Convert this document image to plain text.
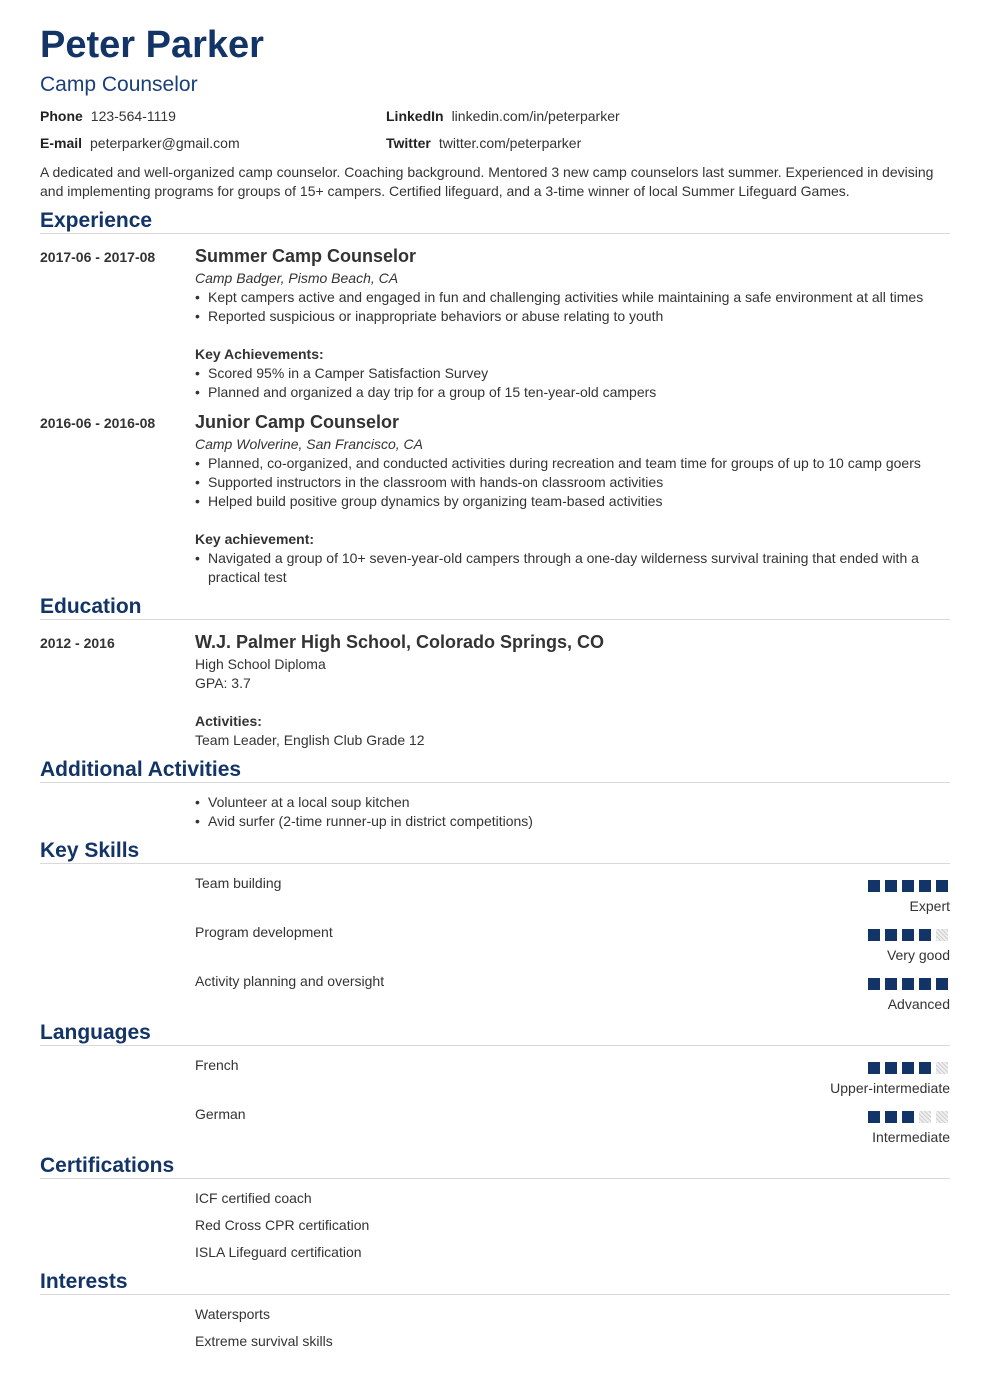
Peter Parker
Camp Counselor
Phone 123-564-1119
E-mail peterparker@gmail.com
LinkedIn linkedin.com/in/peterparker
Twitter twitter.com/peterparker
A dedicated and well-organized camp counselor. Coaching background. Mentored 3 new camp counselors last summer. Experienced in devising and implementing programs for groups of 15+ campers. Certified lifeguard, and a 3-time winner of local Summer Lifeguard Games.
Experience
2017-06 - 2017-08 Summer Camp Counselor
Camp Badger, Pismo Beach, CA
• Kept campers active and engaged in fun and challenging activities while maintaining a safe environment at all times
• Reported suspicious or inappropriate behaviors or abuse relating to youth
Key Achievements:
• Scored 95% in a Camper Satisfaction Survey
• Planned and organized a day trip for a group of 15 ten-year-old campers
2016-06 - 2016-08 Junior Camp Counselor
Camp Wolverine, San Francisco, CA
• Planned, co-organized, and conducted activities during recreation and team time for groups of up to 10 camp goers
• Supported instructors in the classroom with hands-on classroom activities
• Helped build positive group dynamics by organizing team-based activities
Key achievement:
• Navigated a group of 10+ seven-year-old campers through a one-day wilderness survival training that ended with a practical test
Education
2012 - 2016	W.J. Palmer High School, Colorado Springs, CO
High School Diploma
GPA: 3.7
Activities:
Team Leader, English Club Grade 12
Additional Activities
• Volunteer at a local soup kitchen
• Avid surfer (2-time runner-up in district competitions)
Key Skills
Team building
Expert
Program development
Very good
Activity planning and oversight
Advanced
Languages
French
Upper-intermediate
German
Intermediate
Certifications
ICF certified coach
Red Cross CPR certification
ISLA Lifeguard certification
Interests
Watersports
Extreme survival skills
